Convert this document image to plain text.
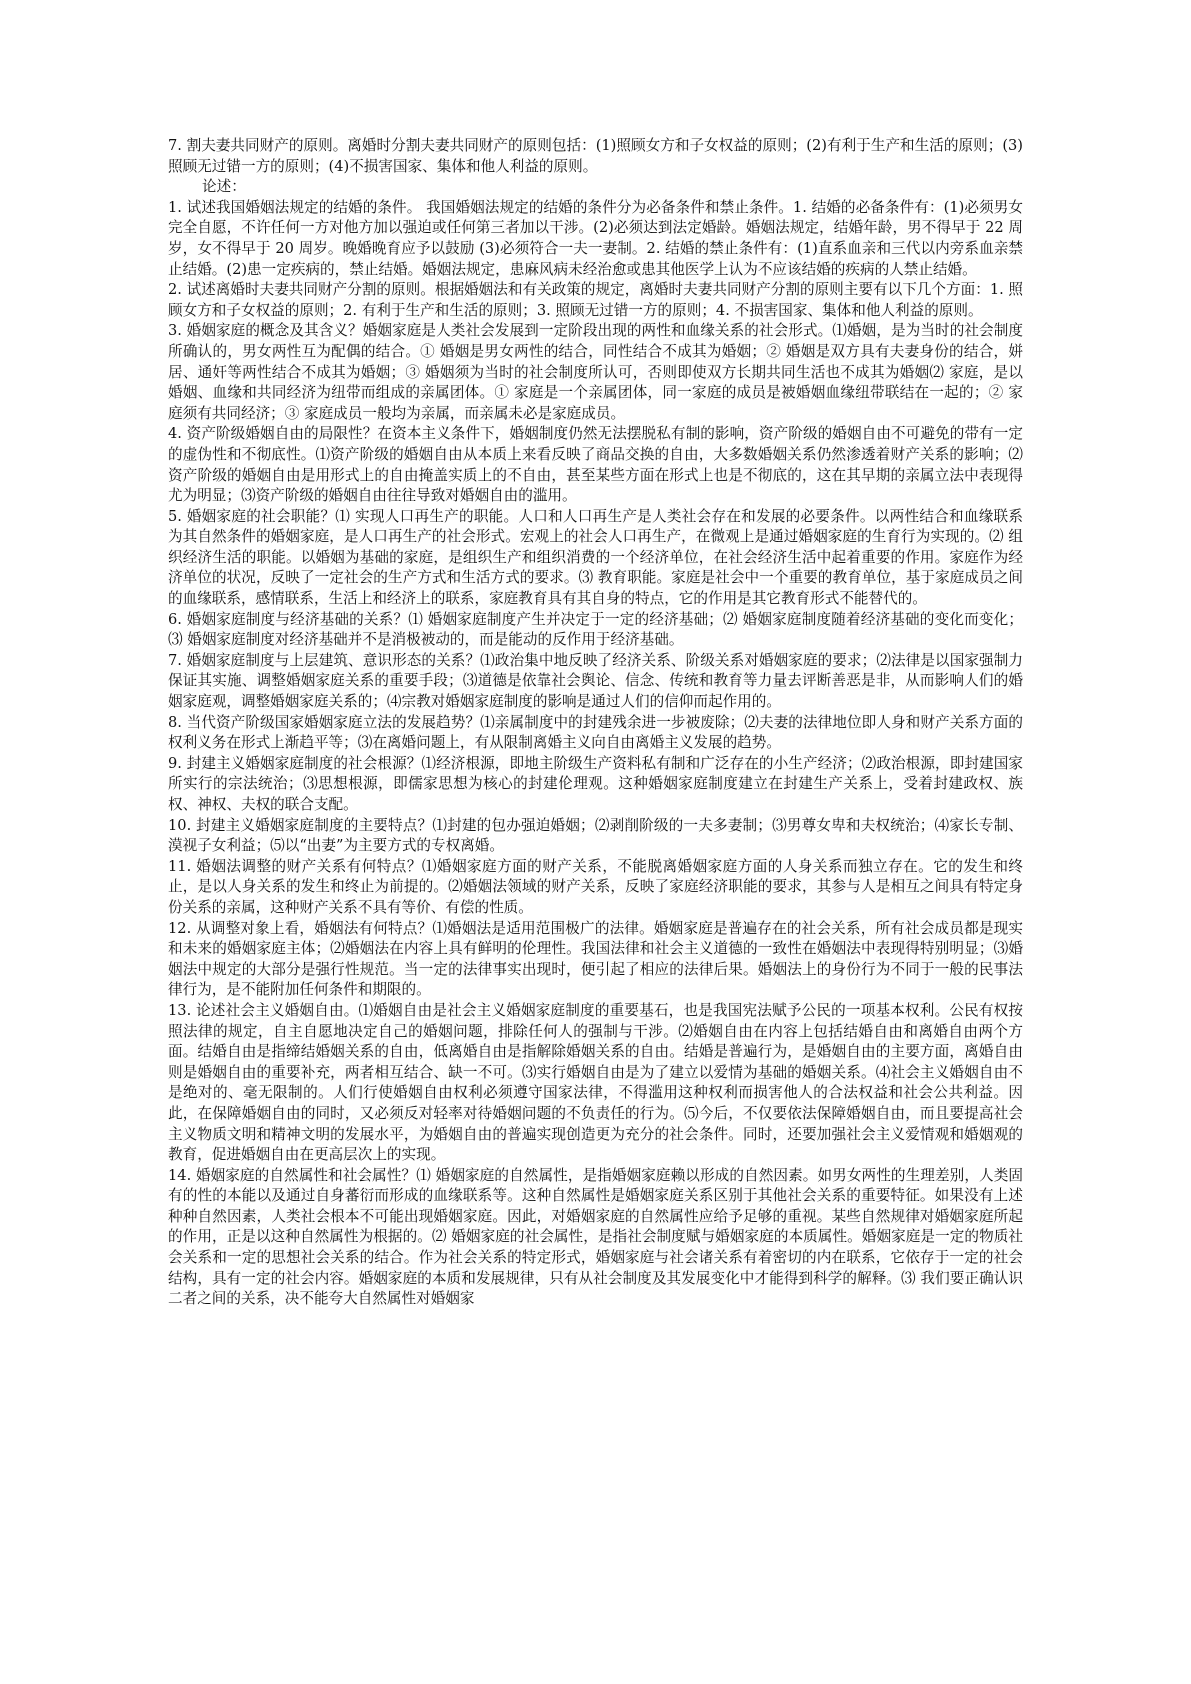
7. 割夫妻共同财产的原则。离婚时分割夫妻共同财产的原则包括：(1)照顾女方和子女权益的原则；(2)有利于生产和生活的原则；(3)照顾无过错一方的原则；(4)不损害国家、集体和他人利益的原则。

论述：

1. 试述我国婚姻法规定的结婚的条件。 我国婚姻法规定的结婚的条件分为必备条件和禁止条件。1. 结婚的必备条件有：(1)必须男女完全自愿，不许任何一方对他方加以强迫或任何第三者加以干涉。(2)必须达到法定婚龄。婚姻法规定，结婚年龄，男不得早于 22 周岁，女不得早于 20 周岁。晚婚晚育应予以鼓励 (3)必须符合一夫一妻制。2. 结婚的禁止条件有：(1)直系血亲和三代以内旁系血亲禁止结婚。(2)患一定疾病的，禁止结婚。婚姻法规定，患麻风病未经治愈或患其他医学上认为不应该结婚的疾病的人禁止结婚。

2. 试述离婚时夫妻共同财产分割的原则。根据婚姻法和有关政策的规定，离婚时夫妻共同财产分割的原则主要有以下几个方面：1. 照顾女方和子女权益的原则；2. 有利于生产和生活的原则；3. 照顾无过错一方的原则；4. 不损害国家、集体和他人利益的原则。

3. 婚姻家庭的概念及其含义？婚姻家庭是人类社会发展到一定阶段出现的两性和血缘关系的社会形式。⑴婚姻，是为当时的社会制度所确认的，男女两性互为配偶的结合。① 婚姻是男女两性的结合，同性结合不成其为婚姻；② 婚姻是双方具有夫妻身份的结合，姘居、通奸等两性结合不成其为婚姻；③ 婚姻须为当时的社会制度所认可，否则即使双方长期共同生活也不成其为婚姻⑵ 家庭，是以婚姻、血缘和共同经济为纽带而组成的亲属团体。① 家庭是一个亲属团体，同一家庭的成员是被婚姻血缘纽带联结在一起的；② 家庭须有共同经济；③ 家庭成员一般均为亲属，而亲属未必是家庭成员。

4. 资产阶级婚姻自由的局限性？在资本主义条件下，婚姻制度仍然无法摆脱私有制的影响，资产阶级的婚姻自由不可避免的带有一定的虚伪性和不彻底性。⑴资产阶级的婚姻自由从本质上来看反映了商品交换的自由，大多数婚姻关系仍然渗透着财产关系的影响；⑵资产阶级的婚姻自由是用形式上的自由掩盖实质上的不自由，甚至某些方面在形式上也是不彻底的，这在其早期的亲属立法中表现得尤为明显；⑶资产阶级的婚姻自由往往导致对婚姻自由的滥用。

5. 婚姻家庭的社会职能？⑴ 实现人口再生产的职能。人口和人口再生产是人类社会存在和发展的必要条件。以两性结合和血缘联系为其自然条件的婚姻家庭，是人口再生产的社会形式。宏观上的社会人口再生产，在微观上是通过婚姻家庭的生育行为实现的。⑵ 组织经济生活的职能。以婚姻为基础的家庭，是组织生产和组织消费的一个经济单位，在社会经济生活中起着重要的作用。家庭作为经济单位的状况，反映了一定社会的生产方式和生活方式的要求。⑶ 教育职能。家庭是社会中一个重要的教育单位，基于家庭成员之间的血缘联系，感情联系，生活上和经济上的联系，家庭教育具有其自身的特点，它的作用是其它教育形式不能替代的。

6. 婚姻家庭制度与经济基础的关系？⑴ 婚姻家庭制度产生并决定于一定的经济基础；⑵ 婚姻家庭制度随着经济基础的变化而变化；⑶ 婚姻家庭制度对经济基础并不是消极被动的，而是能动的反作用于经济基础。

7. 婚姻家庭制度与上层建筑、意识形态的关系？⑴政治集中地反映了经济关系、阶级关系对婚姻家庭的要求；⑵法律是以国家强制力保证其实施、调整婚姻家庭关系的重要手段；⑶道德是依靠社会舆论、信念、传统和教育等力量去评断善恶是非，从而影响人们的婚姻家庭观，调整婚姻家庭关系的；⑷宗教对婚姻家庭制度的影响是通过人们的信仰而起作用的。

8. 当代资产阶级国家婚姻家庭立法的发展趋势？⑴亲属制度中的封建残余进一步被废除；⑵夫妻的法律地位即人身和财产关系方面的权利义务在形式上渐趋平等；⑶在离婚问题上，有从限制离婚主义向自由离婚主义发展的趋势。

9. 封建主义婚姻家庭制度的社会根源？⑴经济根源，即地主阶级生产资料私有制和广泛存在的小生产经济；⑵政治根源，即封建国家所实行的宗法统治；⑶思想根源，即儒家思想为核心的封建伦理观。这种婚姻家庭制度建立在封建生产关系上，受着封建政权、族权、神权、夫权的联合支配。

10. 封建主义婚姻家庭制度的主要特点？⑴封建的包办强迫婚姻；⑵剥削阶级的一夫多妻制；⑶男尊女卑和夫权统治；⑷家长专制、漠视子女利益；⑸以“出妻”为主要方式的专权离婚。

11. 婚姻法调整的财产关系有何特点？⑴婚姻家庭方面的财产关系，不能脱离婚姻家庭方面的人身关系而独立存在。它的发生和终止，是以人身关系的发生和终止为前提的。⑵婚姻法领域的财产关系，反映了家庭经济职能的要求，其参与人是相互之间具有特定身份关系的亲属，这种财产关系不具有等价、有偿的性质。

12. 从调整对象上看，婚姻法有何特点？⑴婚姻法是适用范围极广的法律。婚姻家庭是普遍存在的社会关系，所有社会成员都是现实和未来的婚姻家庭主体；⑵婚姻法在内容上具有鲜明的伦理性。我国法律和社会主义道德的一致性在婚姻法中表现得特别明显；⑶婚姻法中规定的大部分是强行性规范。当一定的法律事实出现时，便引起了相应的法律后果。婚姻法上的身份行为不同于一般的民事法律行为，是不能附加任何条件和期限的。

13. 论述社会主义婚姻自由。⑴婚姻自由是社会主义婚姻家庭制度的重要基石，也是我国宪法赋予公民的一项基本权利。公民有权按照法律的规定，自主自愿地决定自己的婚姻问题，排除任何人的强制与干涉。⑵婚姻自由在内容上包括结婚自由和离婚自由两个方面。结婚自由是指缔结婚姻关系的自由，低离婚自由是指解除婚姻关系的自由。结婚是普遍行为，是婚姻自由的主要方面，离婚自由则是婚姻自由的重要补充，两者相互结合、缺一不可。⑶实行婚姻自由是为了建立以爱情为基础的婚姻关系。⑷社会主义婚姻自由不是绝对的、毫无限制的。人们行使婚姻自由权利必须遵守国家法律，不得滥用这种权利而损害他人的合法权益和社会公共利益。因此，在保障婚姻自由的同时，又必须反对轻率对待婚姻问题的不负责任的行为。⑸今后，不仅要依法保障婚姻自由，而且要提高社会主义物质文明和精神文明的发展水平，为婚姻自由的普遍实现创造更为充分的社会条件。同时，还要加强社会主义爱情观和婚姻观的教育，促进婚姻自由在更高层次上的实现。

14. 婚姻家庭的自然属性和社会属性？⑴ 婚姻家庭的自然属性，是指婚姻家庭赖以形成的自然因素。如男女两性的生理差别，人类固有的性的本能以及通过自身蕃衍而形成的血缘联系等。这种自然属性是婚姻家庭关系区别于其他社会关系的重要特征。如果没有上述种种自然因素，人类社会根本不可能出现婚姻家庭。因此，对婚姻家庭的自然属性应给予足够的重视。某些自然规律对婚姻家庭所起的作用，正是以这种自然属性为根据的。⑵ 婚姻家庭的社会属性，是指社会制度赋与婚姻家庭的本质属性。婚姻家庭是一定的物质社会关系和一定的思想社会关系的结合。作为社会关系的特定形式，婚姻家庭与社会诸关系有着密切的内在联系，它依存于一定的社会结构，具有一定的社会内容。婚姻家庭的本质和发展规律，只有从社会制度及其发展变化中才能得到科学的解释。⑶ 我们要正确认识二者之间的关系，决不能夸大自然属性对婚姻家
